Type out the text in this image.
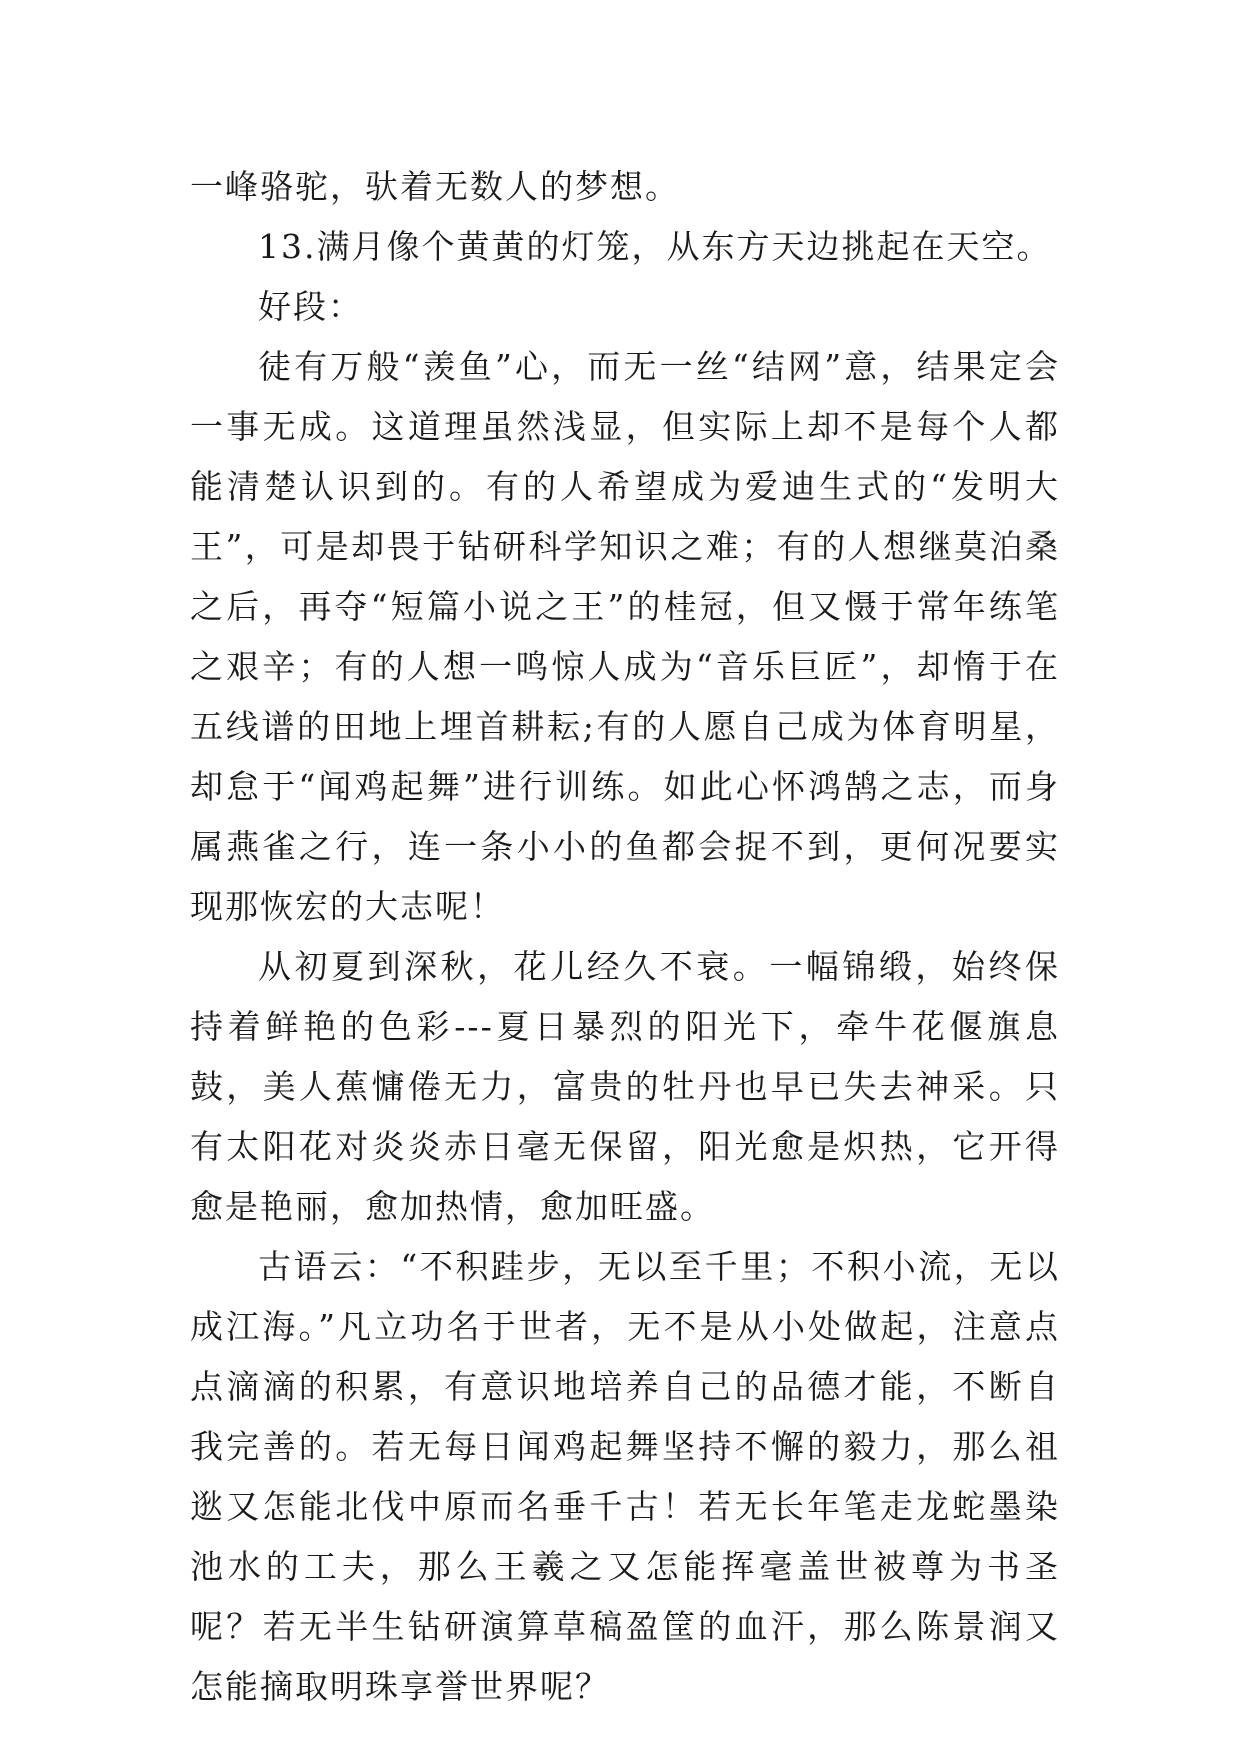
一峰骆驼，驮着无数人的梦想。

13.满月像个黄黄的灯笼，从东方天边挑起在天空。

好段：

徒有万般“羡鱼”心，而无一丝“结网”意，结果定会一事无成。这道理虽然浅显，但实际上却不是每个人都能清楚认识到的。有的人希望成为爱迪生式的“发明大王”，可是却畏于钻研科学知识之难；有的人想继莫泊桑之后，再夺“短篇小说之王”的桂冠，但又慑于常年练笔之艰辛；有的人想一鸣惊人成为“音乐巨匠”，却惰于在五线谱的田地上埋首耕耘;有的人愿自己成为体育明星，却怠于“闻鸡起舞”进行训练。如此心怀鸿鹄之志，而身属燕雀之行，连一条小小的鱼都会捉不到，更何况要实现那恢宏的大志呢！

从初夏到深秋，花儿经久不衰。一幅锦缎，始终保持着鲜艳的色彩---夏日暴烈的阳光下，牵牛花偃旗息鼓，美人蕉慵倦无力，富贵的牡丹也早已失去神采。只有太阳花对炎炎赤日毫无保留，阳光愈是炽热，它开得愈是艳丽，愈加热情，愈加旺盛。

古语云：“不积跬步，无以至千里；不积小流，无以成江海。”凡立功名于世者，无不是从小处做起，注意点点滴滴的积累，有意识地培养自己的品德才能，不断自我完善的。若无每日闻鸡起舞坚持不懈的毅力，那么祖逖又怎能北伐中原而名垂千古！若无长年笔走龙蛇墨染池水的工夫，那么王羲之又怎能挥毫盖世被尊为书圣呢？若无半生钻研演算草稿盈筐的血汗，那么陈景润又怎能摘取明珠享誉世界呢？
